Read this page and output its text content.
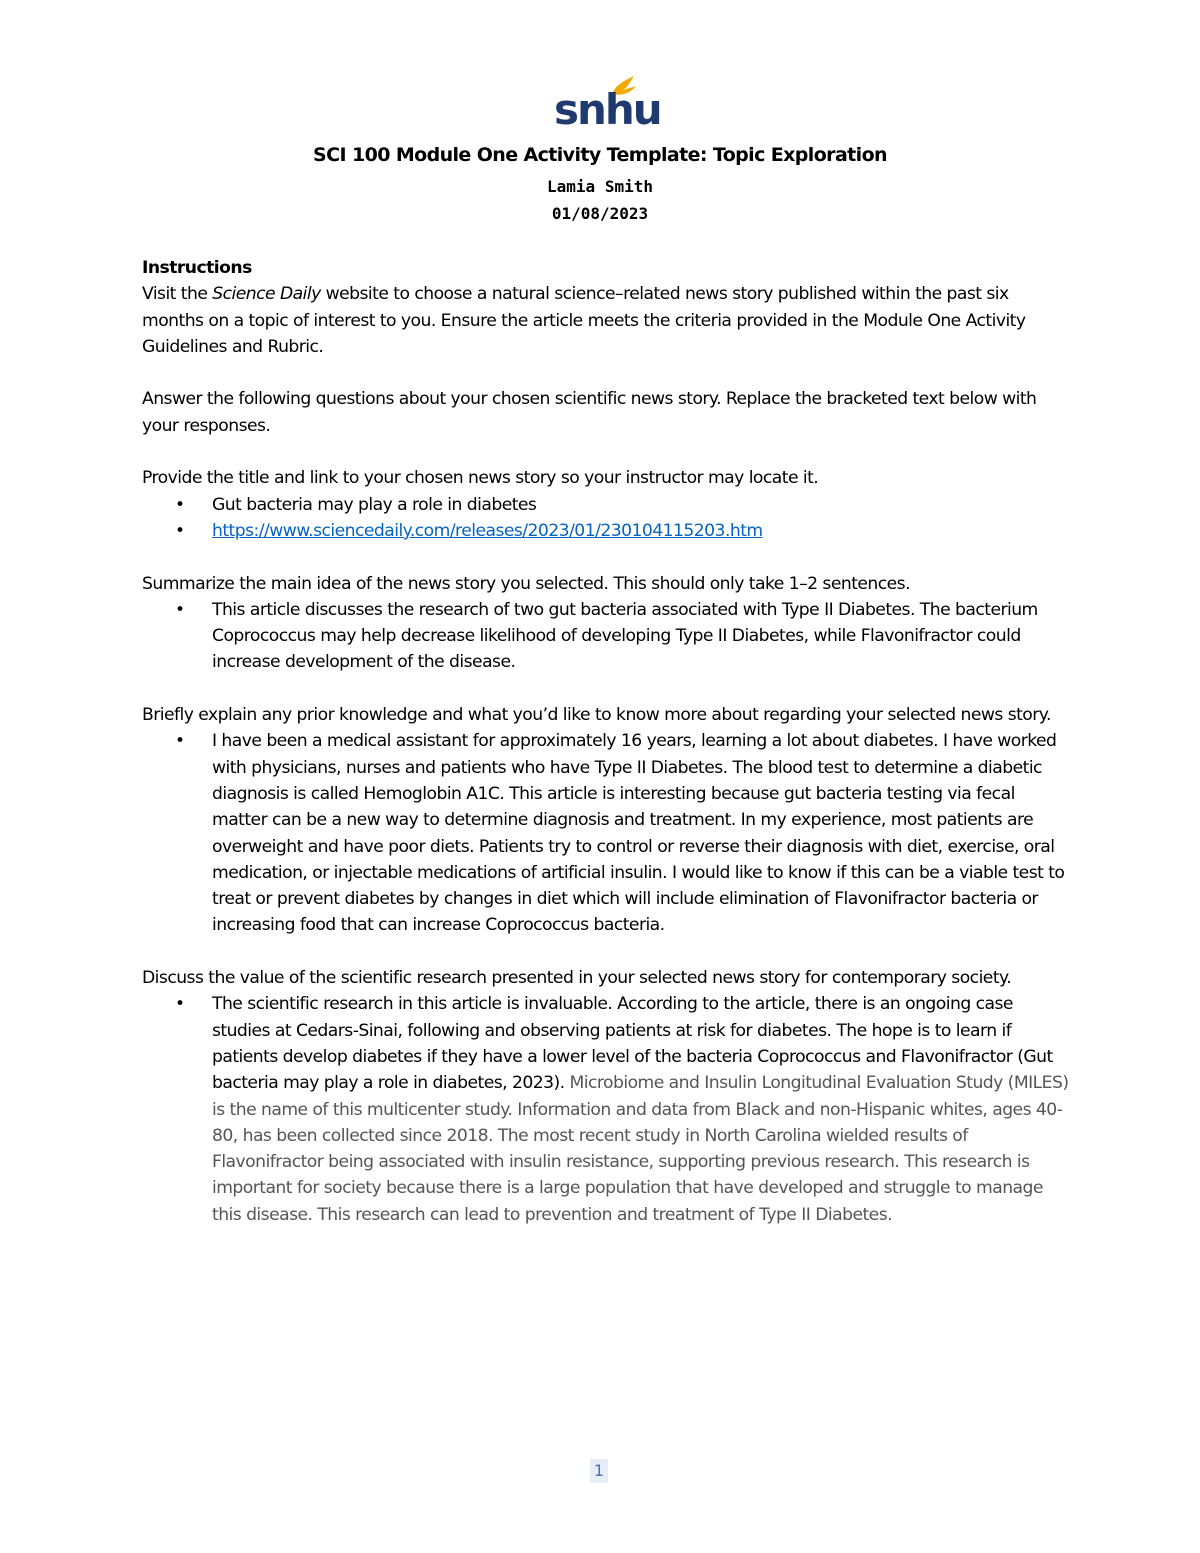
snhu
SCI 100 Module One Activity Template: Topic Exploration
Lamia Smith
01/08/2023

Instructions

Visit the Science Daily website to choose a natural science–related news story published within the past six months on a topic of interest to you. Ensure the article meets the criteria provided in the Module One Activity Guidelines and Rubric.

Answer the following questions about your chosen scientific news story. Replace the bracketed text below with your responses.

Provide the title and link to your chosen news story so your instructor may locate it.

• Gut bacteria may play a role in diabetes
• https://www.sciencedaily.com/releases/2023/01/230104115203.htm

Summarize the main idea of the news story you selected. This should only take 1–2 sentences.

• This article discusses the research of two gut bacteria associated with Type II Diabetes. The bacterium Coprococcus may help decrease likelihood of developing Type II Diabetes, while Flavonifractor could increase development of the disease.

Briefly explain any prior knowledge and what you’d like to know more about regarding your selected news story.

• I have been a medical assistant for approximately 16 years, learning a lot about diabetes. I have worked with physicians, nurses and patients who have Type II Diabetes. The blood test to determine a diabetic diagnosis is called Hemoglobin A1C. This article is interesting because gut bacteria testing via fecal matter can be a new way to determine diagnosis and treatment. In my experience, most patients are overweight and have poor diets. Patients try to control or reverse their diagnosis with diet, exercise, oral medication, or injectable medications of artificial insulin. I would like to know if this can be a viable test to treat or prevent diabetes by changes in diet which will include elimination of Flavonifractor bacteria or increasing food that can increase Coprococcus bacteria.

Discuss the value of the scientific research presented in your selected news story for contemporary society.

• The scientific research in this article is invaluable. According to the article, there is an ongoing case studies at Cedars-Sinai, following and observing patients at risk for diabetes. The hope is to learn if patients develop diabetes if they have a lower level of the bacteria Coprococcus and Flavonifractor (Gut bacteria may play a role in diabetes, 2023). Microbiome and Insulin Longitudinal Evaluation Study (MILES) is the name of this multicenter study. Information and data from Black and non-Hispanic whites, ages 40-80, has been collected since 2018. The most recent study in North Carolina wielded results of Flavonifractor being associated with insulin resistance, supporting previous research. This research is important for society because there is a large population that have developed and struggle to manage this disease. This research can lead to prevention and treatment of Type II Diabetes.
1
